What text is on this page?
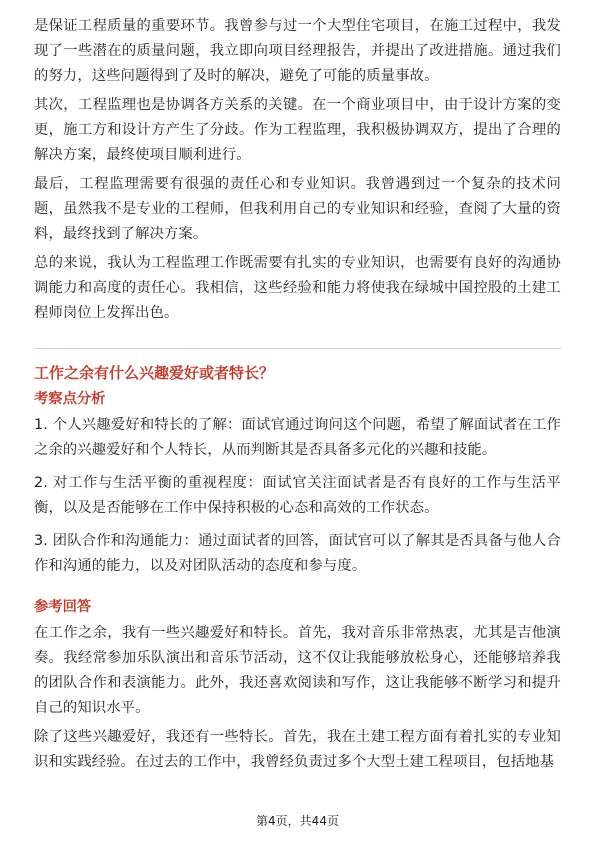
是保证工程质量的重要环节。我曾参与过一个大型住宅项目，在施工过程中，我发现了一些潜在的质量问题，我立即向项目经理报告，并提出了改进措施。通过我们的努力，这些问题得到了及时的解决，避免了可能的质量事故。

其次，工程监理也是协调各方关系的关键。在一个商业项目中，由于设计方案的变更，施工方和设计方产生了分歧。作为工程监理，我积极协调双方，提出了合理的解决方案，最终使项目顺利进行。

最后，工程监理需要有很强的责任心和专业知识。我曾遇到过一个复杂的技术问题，虽然我不是专业的工程师，但我利用自己的专业知识和经验，查阅了大量的资料，最终找到了解决方案。

总的来说，我认为工程监理工作既需要有扎实的专业知识，也需要有良好的沟通协调能力和高度的责任心。我相信，这些经验和能力将使我在绿城中国控股的土建工程师岗位上发挥出色。

工作之余有什么兴趣爱好或者特长？
考察点分析

1. 个人兴趣爱好和特长的了解：面试官通过询问这个问题，希望了解面试者在工作之余的兴趣爱好和个人特长，从而判断其是否具备多元化的兴趣和技能。

2. 对工作与生活平衡的重视程度：面试官关注面试者是否有良好的工作与生活平衡，以及是否能够在工作中保持积极的心态和高效的工作状态。

3. 团队合作和沟通能力：通过面试者的回答，面试官可以了解其是否具备与他人合作和沟通的能力，以及对团队活动的态度和参与度。

参考回答

在工作之余，我有一些兴趣爱好和特长。首先，我对音乐非常热衷，尤其是吉他演奏。我经常参加乐队演出和音乐节活动，这不仅让我能够放松身心，还能够培养我的团队合作和表演能力。此外，我还喜欢阅读和写作，这让我能够不断学习和提升自己的知识水平。

除了这些兴趣爱好，我还有一些特长。首先，我在土建工程方面有着扎实的专业知识和实践经验。在过去的工作中，我曾经负责过多个大型土建工程项目，包括地基

第4页，共44页
